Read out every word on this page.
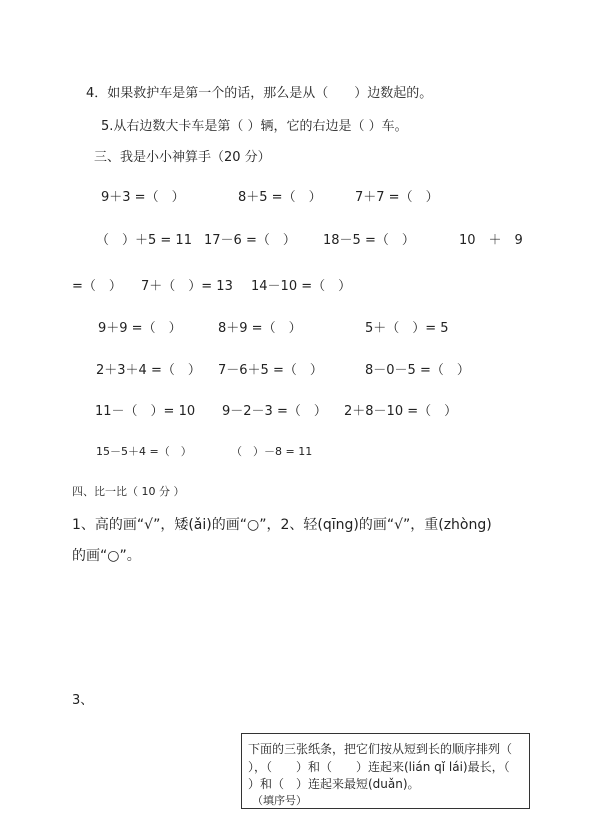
4．如果救护车是第一个的话，那么是从（　　）边数起的。
5.从右边数大卡车是第（ ）辆，它的右边是（ ）车。
三、我是小小神算手（20 分）
9＋3 =（　）	8＋5 =（　）	7＋7 =（　）
（　）＋5 = 11 17－6 =（　） 18－5 =（　）	10　＋　9
=（　） 7＋（　）= 13 14－10 =（　）
9＋9 =（　）	8＋9 =（　）	5＋（　）= 5
2＋3＋4 =（　） 7－6＋5 =（　）	8－0－5 =（　）
11－（　）= 10 9－2－3 =（　） 2＋8－10 =（　）
15－5＋4 =（　）	（　）－8 = 11
四、比一比（ 10 分 ）
1、高的画“√”，矮(ǎi)的画“○”，2、轻(qīng)的画“√”，重(zhòng)
的画“○”。
3、
下面的三张纸条，把它们按从短到长的顺序排列（
），（　　）和（　　）连起来(lián qǐ lái)最长，（
）和（　）连起来最短(duǎn)。
（填序号）
